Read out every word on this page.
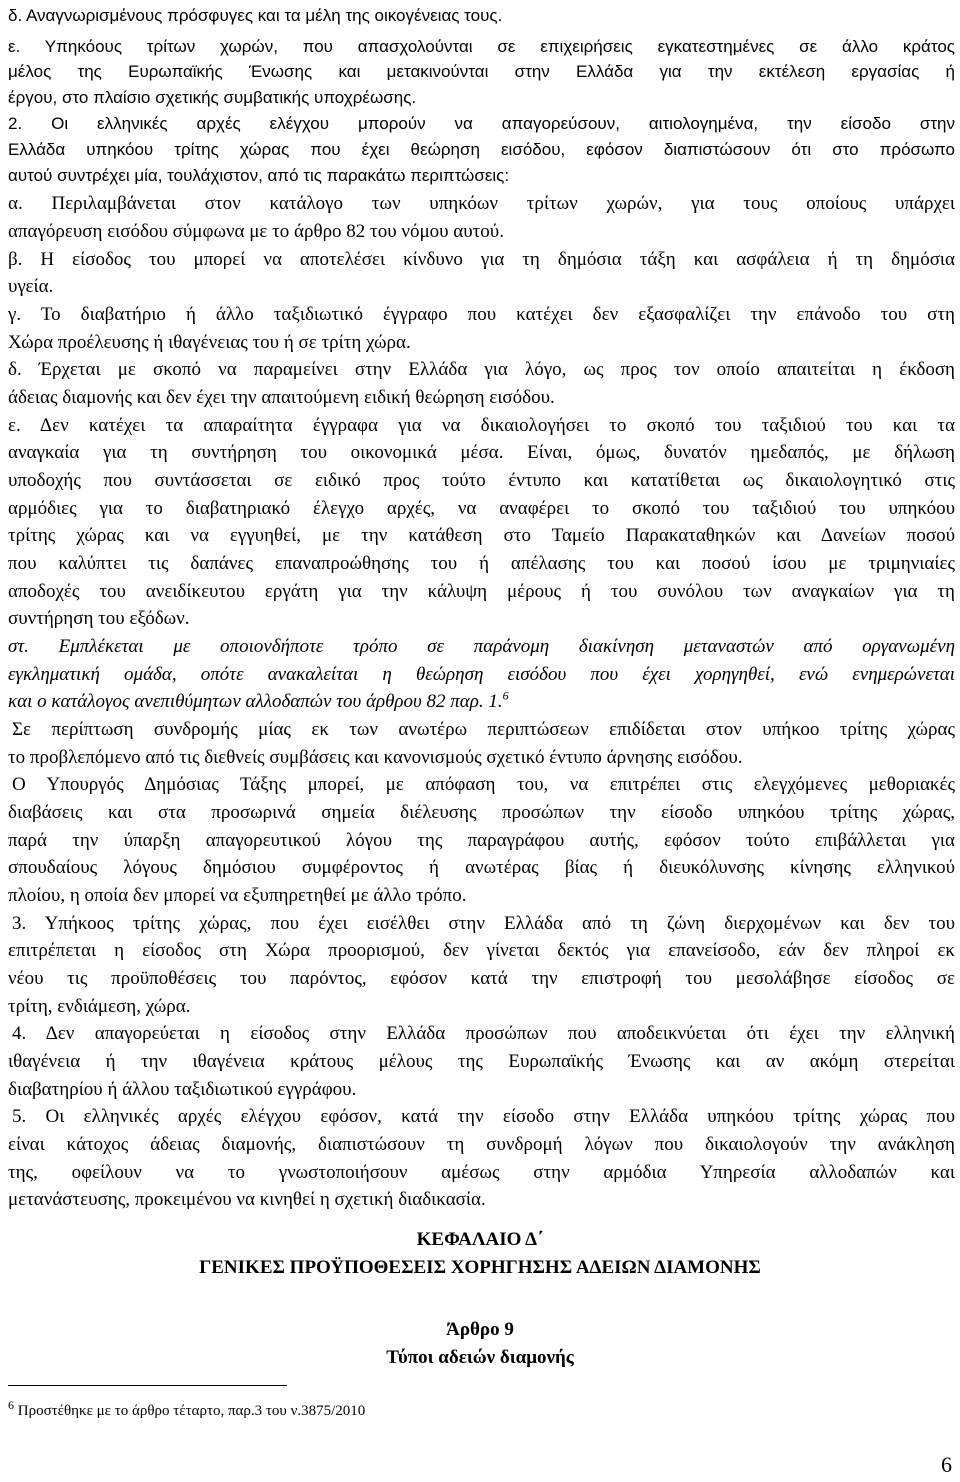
δ. Αναγνωρισμένους πρόσφυγες και τα μέλη της οικογένειας τους.
ε. Υπηκόους τρίτων χωρών, που απασχολούνται σε επιχειρήσεις εγκατεστημένες σε άλλο κράτος
μέλος της Ευρωπαϊκής Ένωσης και μετακινούνται στην Ελλάδα για την εκτέλεση εργασίας ή
έργου, στο πλαίσιο σχετικής συμβατικής υποχρέωσης.
2. Οι ελληνικές αρχές ελέγχου μπορούν να απαγορεύσουν, αιτιολογημένα, την είσοδο στην
Ελλάδα υπηκόου τρίτης χώρας που έχει θεώρηση εισόδου, εφόσον διαπιστώσουν ότι στο πρόσωπο
αυτού συντρέχει μία, τουλάχιστον, από τις παρακάτω περιπτώσεις:
α. Περιλαμβάνεται στον κατάλογο των υπηκόων τρίτων χωρών, για τους οποίους υπάρχει
απαγόρευση εισόδου σύμφωνα με το άρθρο 82 του νόμου αυτού.
β. Η είσοδος του μπορεί να αποτελέσει κίνδυνο για τη δημόσια τάξη και ασφάλεια ή τη δημόσια
υγεία.
γ. Το διαβατήριο ή άλλο ταξιδιωτικό έγγραφο που κατέχει δεν εξασφαλίζει την επάνοδο του στη
Χώρα προέλευσης ή ιθαγένειας του ή σε τρίτη χώρα.
δ. Έρχεται με σκοπό να παραμείνει στην Ελλάδα για λόγο, ως προς τον οποίο απαιτείται η έκδοση
άδειας διαμονής και δεν έχει την απαιτούμενη ειδική θεώρηση εισόδου.
ε. Δεν κατέχει τα απαραίτητα έγγραφα για να δικαιολογήσει το σκοπό του ταξιδιού του και τα
αναγκαία για τη συντήρηση του οικονομικά μέσα. Είναι, όμως, δυνατόν ημεδαπός, με δήλωση
υποδοχής που συντάσσεται σε ειδικό προς τούτο έντυπο και κατατίθεται ως δικαιολογητικό στις
αρμόδιες για το διαβατηριακό έλεγχο αρχές, να αναφέρει το σκοπό του ταξιδιού του υπηκόου
τρίτης χώρας και να εγγυηθεί, με την κατάθεση στο Ταμείο Παρακαταθηκών και Δανείων ποσού
που καλύπτει τις δαπάνες επαναπροώθησης του ή απέλασης του και ποσού ίσου με τριμηνιαίες
αποδοχές του ανειδίκευτου εργάτη για την κάλυψη μέρους ή του συνόλου των αναγκαίων για τη
συντήρηση του εξόδων.
στ. Εμπλέκεται με οποιονδήποτε τρόπο σε παράνομη διακίνηση μεταναστών από οργανωμένη
εγκληματική ομάδα, οπότε ανακαλείται η θεώρηση εισόδου που έχει χορηγηθεί, ενώ ενημερώνεται
και ο κατάλογος ανεπιθύμητων αλλοδαπών του άρθρου 82 παρ. 1.$^6$
Σε περίπτωση συνδρομής μίας εκ των ανωτέρω περιπτώσεων επιδίδεται στον υπήκοο τρίτης χώρας
το προβλεπόμενο από τις διεθνείς συμβάσεις και κανονισμούς σχετικό έντυπο άρνησης εισόδου.
Ο Υπουργός Δημόσιας Τάξης μπορεί, με απόφαση του, να επιτρέπει στις ελεγχόμενες μεθοριακές
διαβάσεις και στα προσωρινά σημεία διέλευσης προσώπων την είσοδο υπηκόου τρίτης χώρας,
παρά την ύπαρξη απαγορευτικού λόγου της παραγράφου αυτής, εφόσον τούτο επιβάλλεται για
σπουδαίους λόγους δημόσιου συμφέροντος ή ανωτέρας βίας ή διευκόλυνσης κίνησης ελληνικού
πλοίου, η οποία δεν μπορεί να εξυπηρετηθεί με άλλο τρόπο.
3. Υπήκοος τρίτης χώρας, που έχει εισέλθει στην Ελλάδα από τη ζώνη διερχομένων και δεν του
επιτρέπεται η είσοδος στη Χώρα προορισμού, δεν γίνεται δεκτός για επανείσοδο, εάν δεν πληροί εκ
νέου τις προϋποθέσεις του παρόντος, εφόσον κατά την επιστροφή του μεσολάβησε είσοδος σε
τρίτη, ενδιάμεση, χώρα.
4. Δεν απαγορεύεται η είσοδος στην Ελλάδα προσώπων που αποδεικνύεται ότι έχει την ελληνική
ιθαγένεια ή την ιθαγένεια κράτους μέλους της Ευρωπαϊκής Ένωσης και αν ακόμη στερείται
διαβατηρίου ή άλλου ταξιδιωτικού εγγράφου.
5. Οι ελληνικές αρχές ελέγχου εφόσον, κατά την είσοδο στην Ελλάδα υπηκόου τρίτης χώρας που
είναι κάτοχος άδειας διαμονής, διαπιστώσουν τη συνδρομή λόγων που δικαιολογούν την ανάκληση
της, οφείλουν να το γνωστοποιήσουν αμέσως στην αρμόδια Υπηρεσία αλλοδαπών και
μετανάστευσης, προκειμένου να κινηθεί η σχετική διαδικασία.
ΚΕΦΑΛΑΙΟ Δ΄
ΓΕΝΙΚΕΣ ΠΡΟΫΠΟΘΕΣΕΙΣ ΧΟΡΗΓΗΣΗΣ ΑΔΕΙΩΝ ΔΙΑΜΟΝΗΣ
Άρθρο 9
Τύποι αδειών διαμονής
$^6$ Προστέθηκε με το άρθρο τέταρτο, παρ.3 του ν.3875/2010
6
